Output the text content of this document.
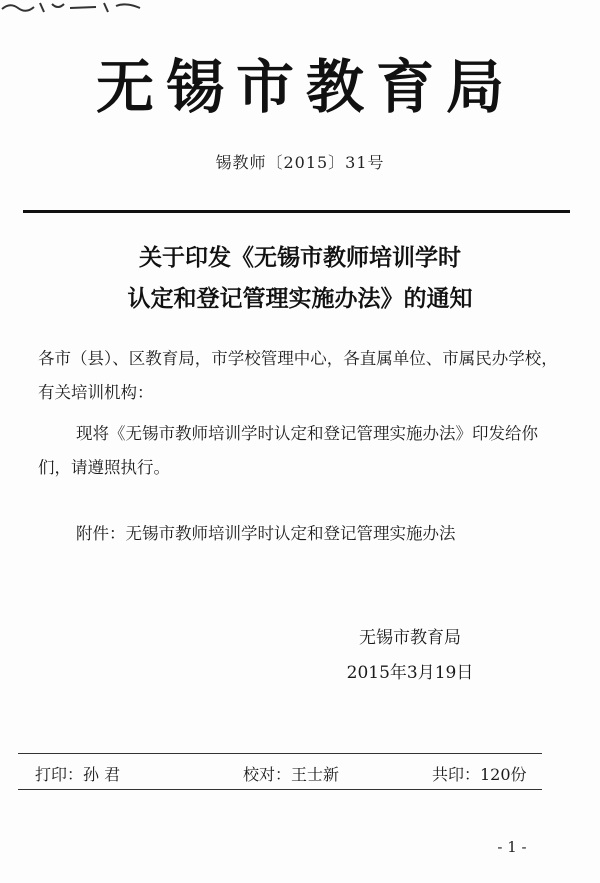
无锡市教育局
锡教师〔2015〕31号
关于印发《无锡市教师培训学时
认定和登记管理实施办法》的通知
各市（县）、区教育局，市学校管理中心，各直属单位、市属民办学校，有关培训机构：
现将《无锡市教师培训学时认定和登记管理实施办法》印发给你们，请遵照执行。
附件：无锡市教师培训学时认定和登记管理实施办法
无锡市教育局
2015年3月19日
打印：孙 君	校对：王士新	共印：120份
- 1 -
